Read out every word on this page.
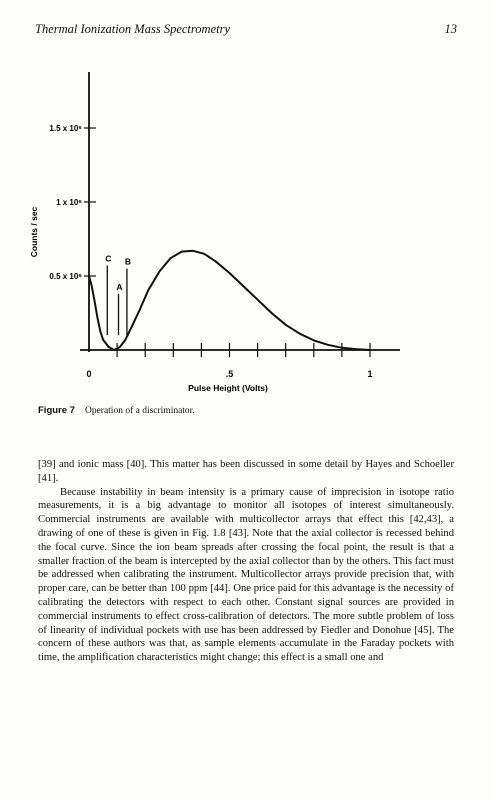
Thermal Ionization Mass Spectrometry	13
0	.5	1
0.5 x 10⁶
1 x 10⁶
1.5 x 10⁶
C
A
B
Pulse Height (Volts)
Counts / sec
Figure 7 Operation of a discriminator.

[39] and ionic mass [40]. This matter has been discussed in some detail by Hayes and Schoeller [41].

Because instability in beam intensity is a primary cause of imprecision in isotope ratio measurements, it is a big advantage to monitor all isotopes of interest simultaneously. Commercial instruments are available with multicollector arrays that effect this [42,43], a drawing of one of these is given in Fig. 1.8 [43]. Note that the axial collector is recessed behind the focal curve. Since the ion beam spreads after crossing the focal point, the result is that a smaller fraction of the beam is intercepted by the axial collector than by the others. This fact must be addressed when calibrating the instrument. Multicollector arrays provide precision that, with proper care, can be better than 100 ppm [44]. One price paid for this advantage is the necessity of calibrating the detectors with respect to each other. Constant signal sources are provided in commercial instruments to effect cross-calibration of detectors. The more subtle problem of loss of linearity of individual pockets with use has been addressed by Fiedler and Donohue [45]. The concern of these authors was that, as sample elements accumulate in the Faraday pockets with time, the amplification characteristics might change; this effect is a small one and
